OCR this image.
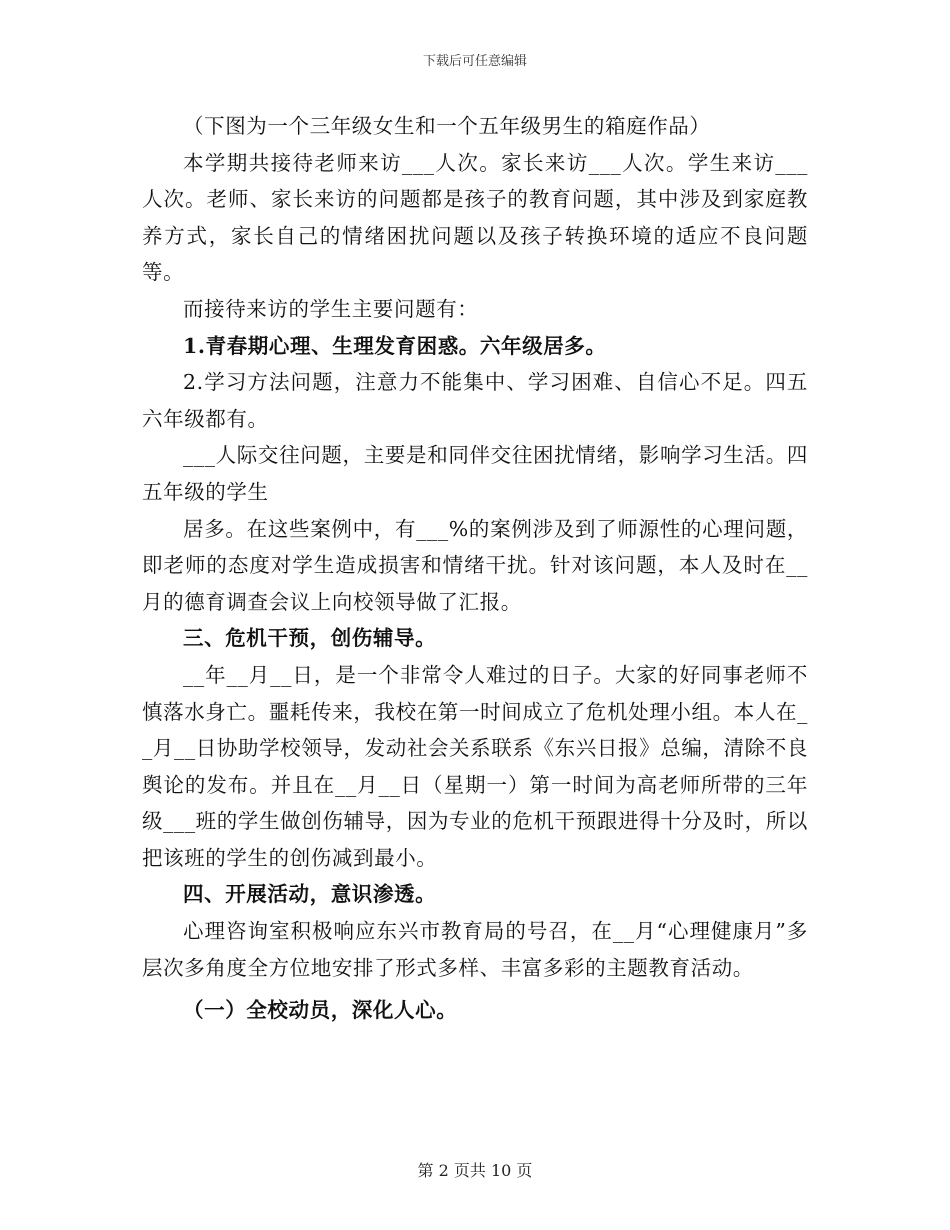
下载后可任意编辑

（下图为一个三年级女生和一个五年级男生的箱庭作品）

本学期共接待老师来访___人次。家长来访___人次。学生来访___人次。老师、家长来访的问题都是孩子的教育问题，其中涉及到家庭教养方式，家长自己的情绪困扰问题以及孩子转换环境的适应不良问题等。

而接待来访的学生主要问题有：

1.青春期心理、生理发育困惑。六年级居多。

2.学习方法问题，注意力不能集中、学习困难、自信心不足。四五六年级都有。

___人际交往问题，主要是和同伴交往困扰情绪，影响学习生活。四五年级的学生

居多。在这些案例中，有___%的案例涉及到了师源性的心理问题，即老师的态度对学生造成损害和情绪干扰。针对该问题，本人及时在__月的德育调查会议上向校领导做了汇报。

三、危机干预，创伤辅导。

__年__月__日，是一个非常令人难过的日子。大家的好同事老师不慎落水身亡。噩耗传来，我校在第一时间成立了危机处理小组。本人在__月__日协助学校领导，发动社会关系联系《东兴日报》总编，清除不良舆论的发布。并且在__月__日（星期一）第一时间为高老师所带的三年级___班的学生做创伤辅导，因为专业的危机干预跟进得十分及时，所以把该班的学生的创伤减到最小。

四、开展活动，意识渗透。

心理咨询室积极响应东兴市教育局的号召，在__月“心理健康月”多层次多角度全方位地安排了形式多样、丰富多彩的主题教育活动。

（一）全校动员，深化人心。

第 2 页共 10 页
